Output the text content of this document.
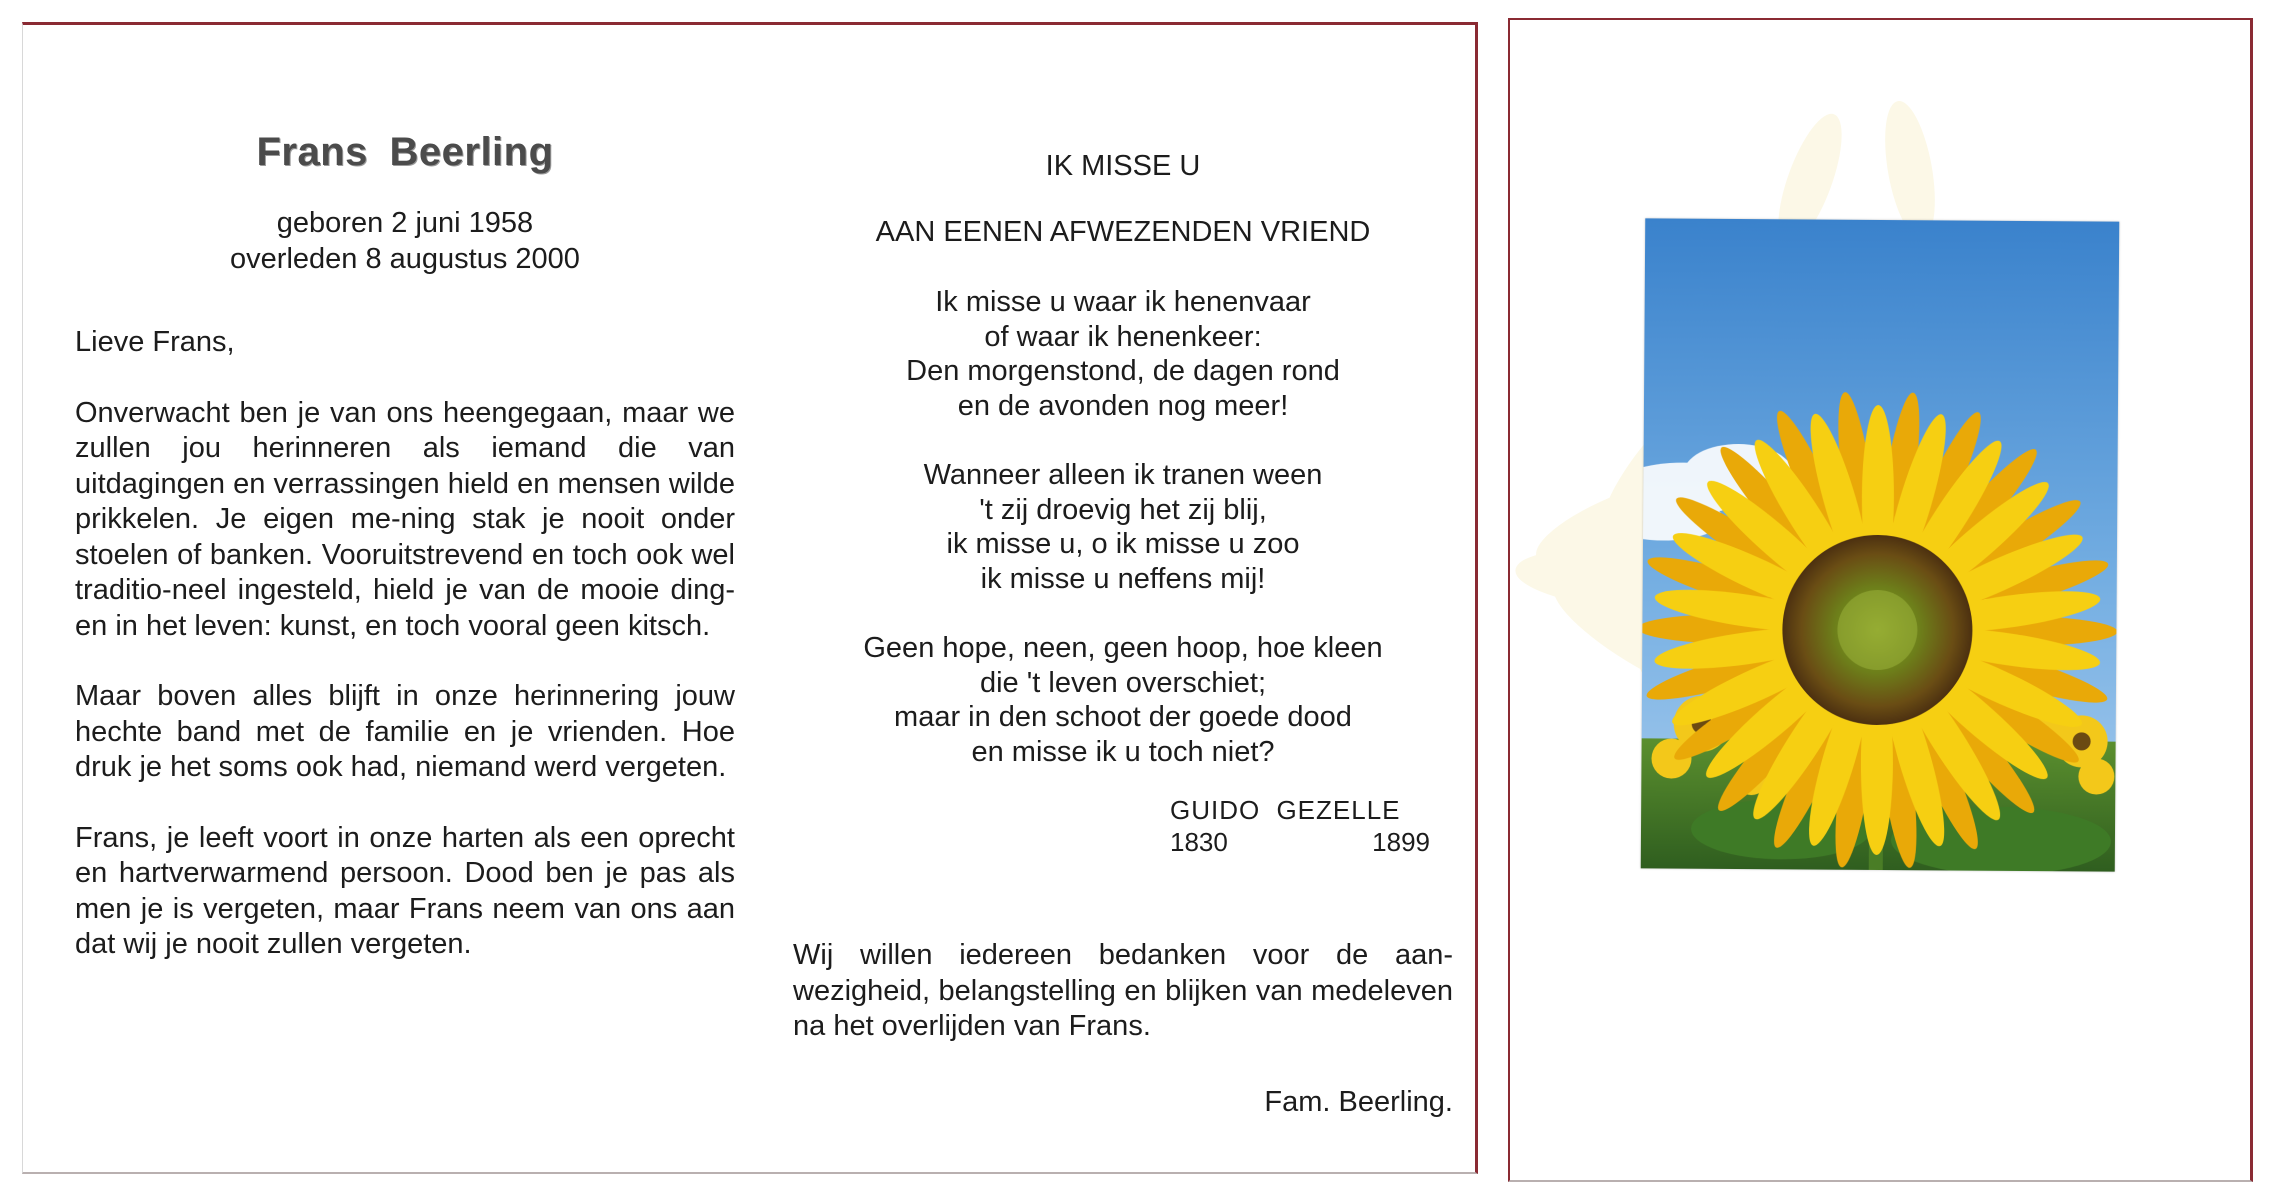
Frans Beerling
geboren 2 juni 1958
overleden 8 augustus 2000
Lieve Frans,

Onverwacht ben je van ons heengegaan, maar we zullen jou herinneren als iemand die van uitdagingen en verrassingen hield en mensen wilde prikkelen. Je eigen me-ning stak je nooit onder stoelen of banken. Vooruitstrevend en toch ook wel traditio-neel ingesteld, hield je van de mooie ding-en in het leven: kunst, en toch vooral geen kitsch.

Maar boven alles blijft in onze herinnering jouw hechte band met de familie en je vrienden. Hoe druk je het soms ook had, niemand werd vergeten.

Frans, je leeft voort in onze harten als een oprecht en hartverwarmend persoon. Dood ben je pas als men je is vergeten, maar Frans neem van ons aan dat wij je nooit zullen vergeten.

IK MISSE U
AAN EENEN AFWEZENDEN VRIEND
Ik misse u waar ik henenvaar
of waar ik henenkeer:
Den morgenstond, de dagen rond
en de avonden nog meer!
Wanneer alleen ik tranen ween
't zij droevig het zij blij,
ik misse u, o ik misse u zoo
ik misse u neffens mij!
Geen hope, neen, geen hoop, hoe kleen
die 't leven overschiet;
maar in den schoot der goede dood
en misse ik u toch niet?
GUIDO GEZELLE
1830	1899

Wij willen iedereen bedanken voor de aan-wezigheid, belangstelling en blijken van medeleven na het overlijden van Frans.

Fam. Beerling.
